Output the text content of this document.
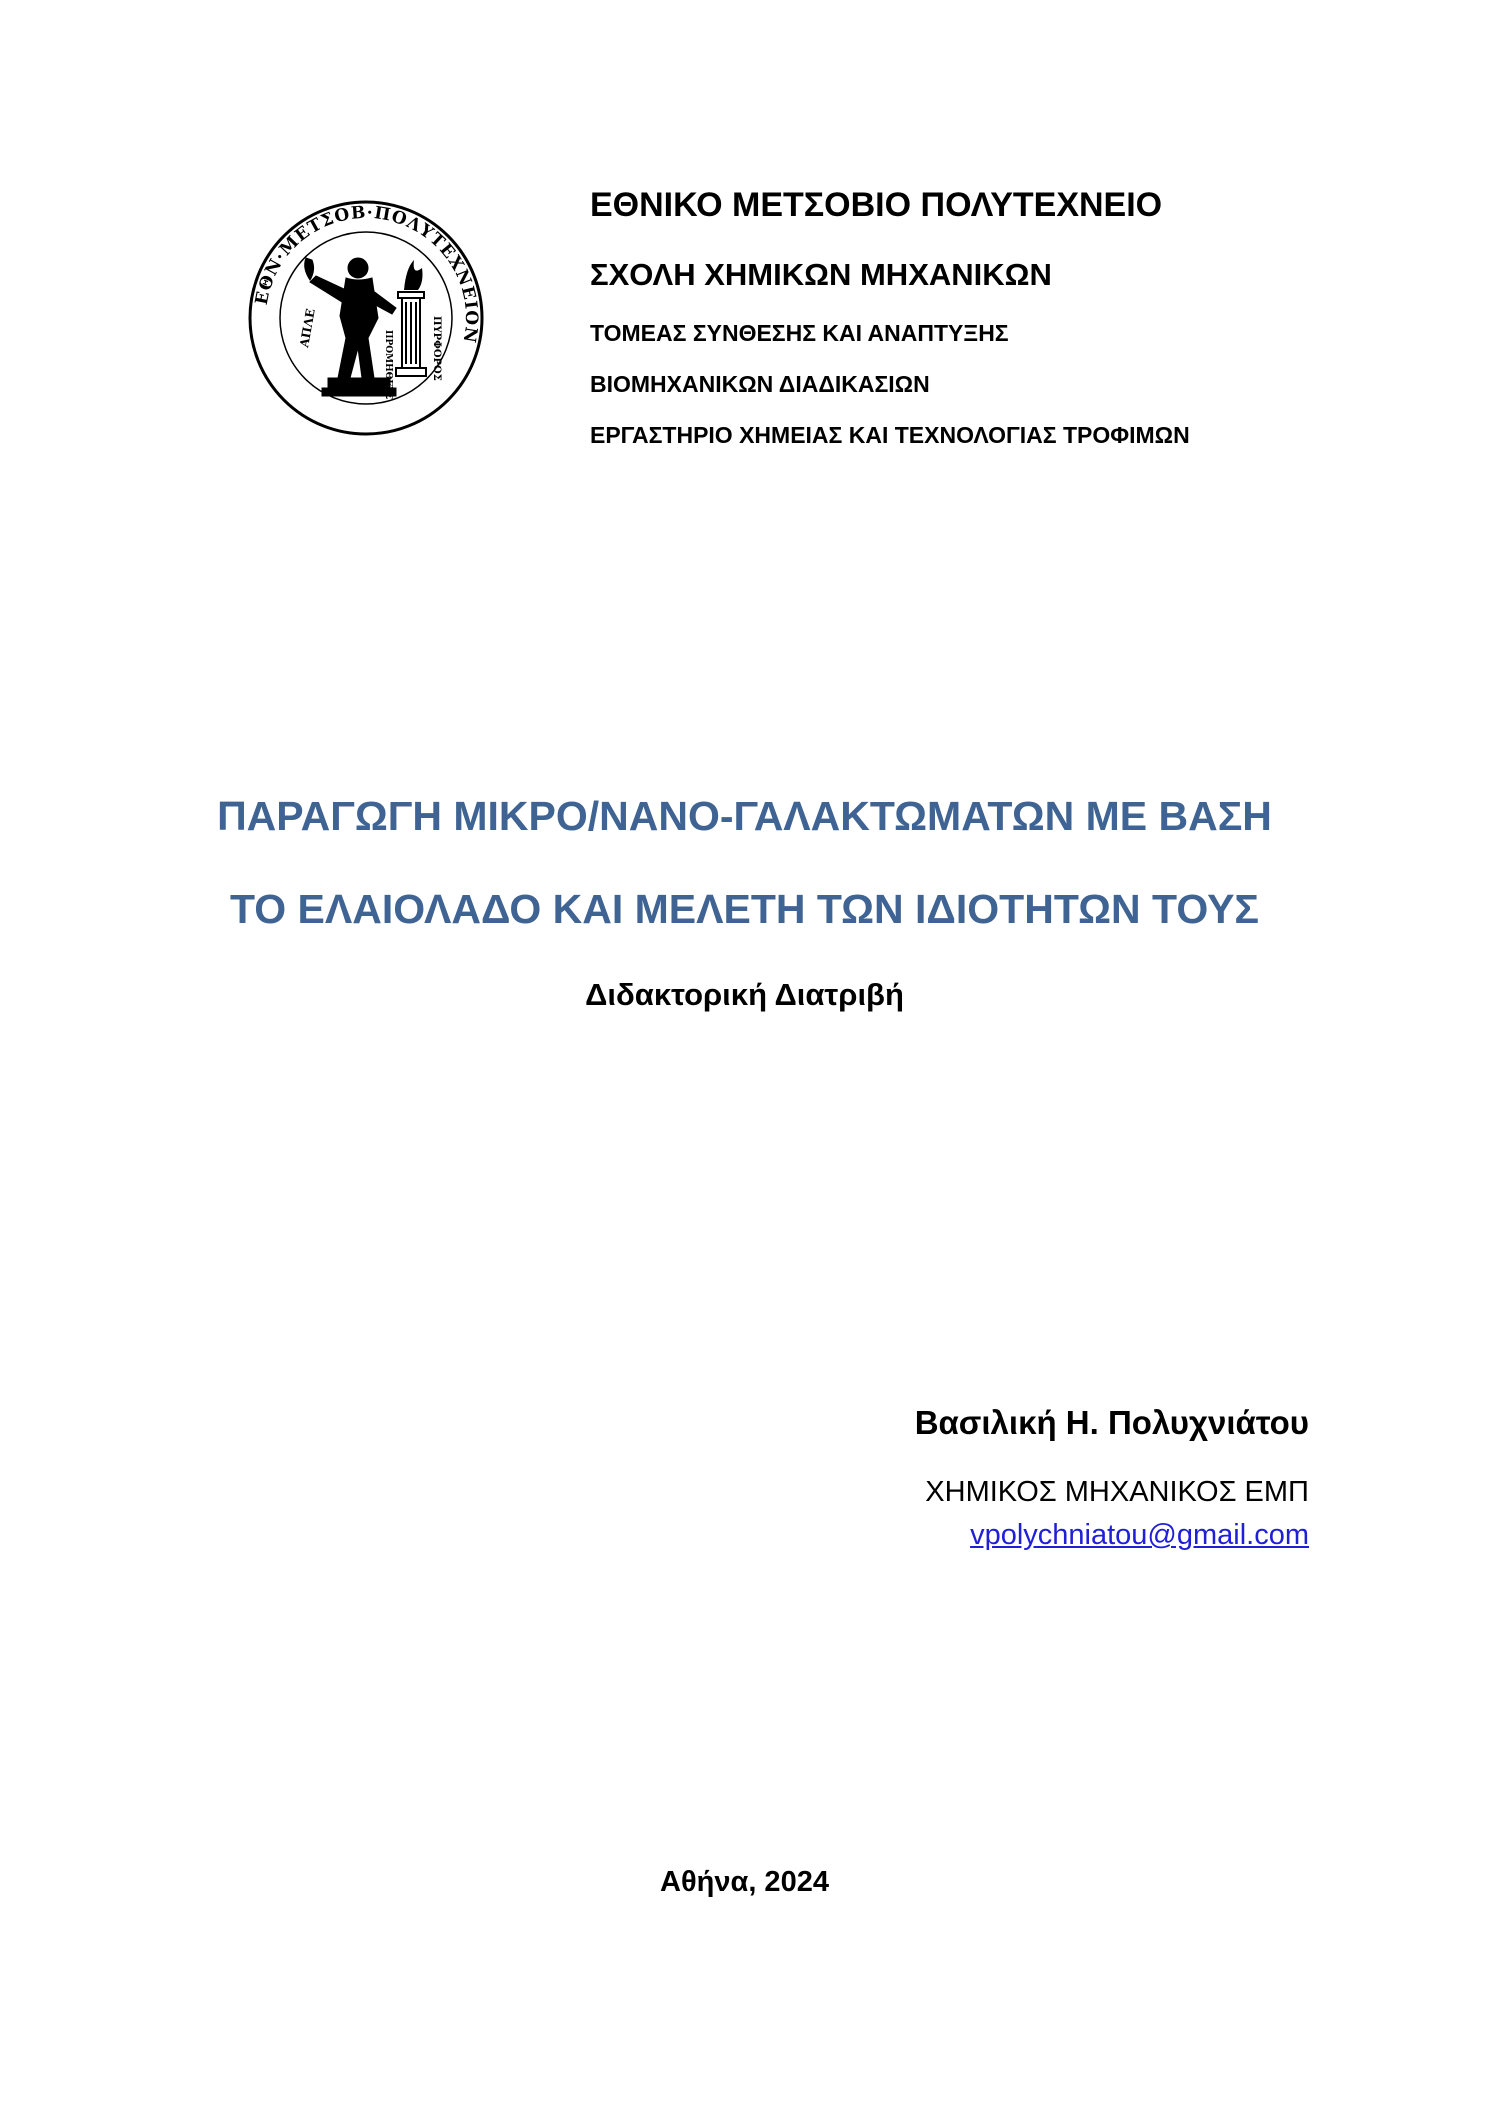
ΕΘΝ·ΜΕΤΣΟΒ·ΠΟΛΥΤΕΧΝΕΙΟΝ
ΑΠΛΕ
ΠΡΟΜΗΘΕΥΣ	ΠΥΡΦΟΡΟΣ
ΕΘΝΙΚΟ ΜΕΤΣΟΒΙΟ ΠΟΛΥΤΕΧΝΕΙΟ
ΣΧΟΛΗ ΧΗΜΙΚΩΝ ΜΗΧΑΝΙΚΩΝ
ΤΟΜΕΑΣ ΣΥΝΘΕΣΗΣ ΚΑΙ ΑΝΑΠΤΥΞΗΣ
ΒΙΟΜΗΧΑΝΙΚΩΝ ΔΙΑΔΙΚΑΣΙΩΝ
ΕΡΓΑΣΤΗΡΙΟ ΧΗΜΕΙΑΣ ΚΑΙ ΤΕΧΝΟΛΟΓΙΑΣ ΤΡΟΦΙΜΩΝ
ΠΑΡΑΓΩΓΗ ΜΙΚΡΟ/ΝΑΝΟ-ΓΑΛΑΚΤΩΜΑΤΩΝ ΜΕ ΒΑΣΗ
ΤΟ ΕΛΑΙΟΛΑΔΟ ΚΑΙ ΜΕΛΕΤΗ ΤΩΝ ΙΔΙΟΤΗΤΩΝ ΤΟΥΣ
Διδακτορική Διατριβή
Βασιλική Η. Πολυχνιάτου
ΧΗΜΙΚΟΣ ΜΗΧΑΝΙΚΟΣ ΕΜΠ
vpolychniatou@gmail.com
Αθήνα, 2024
